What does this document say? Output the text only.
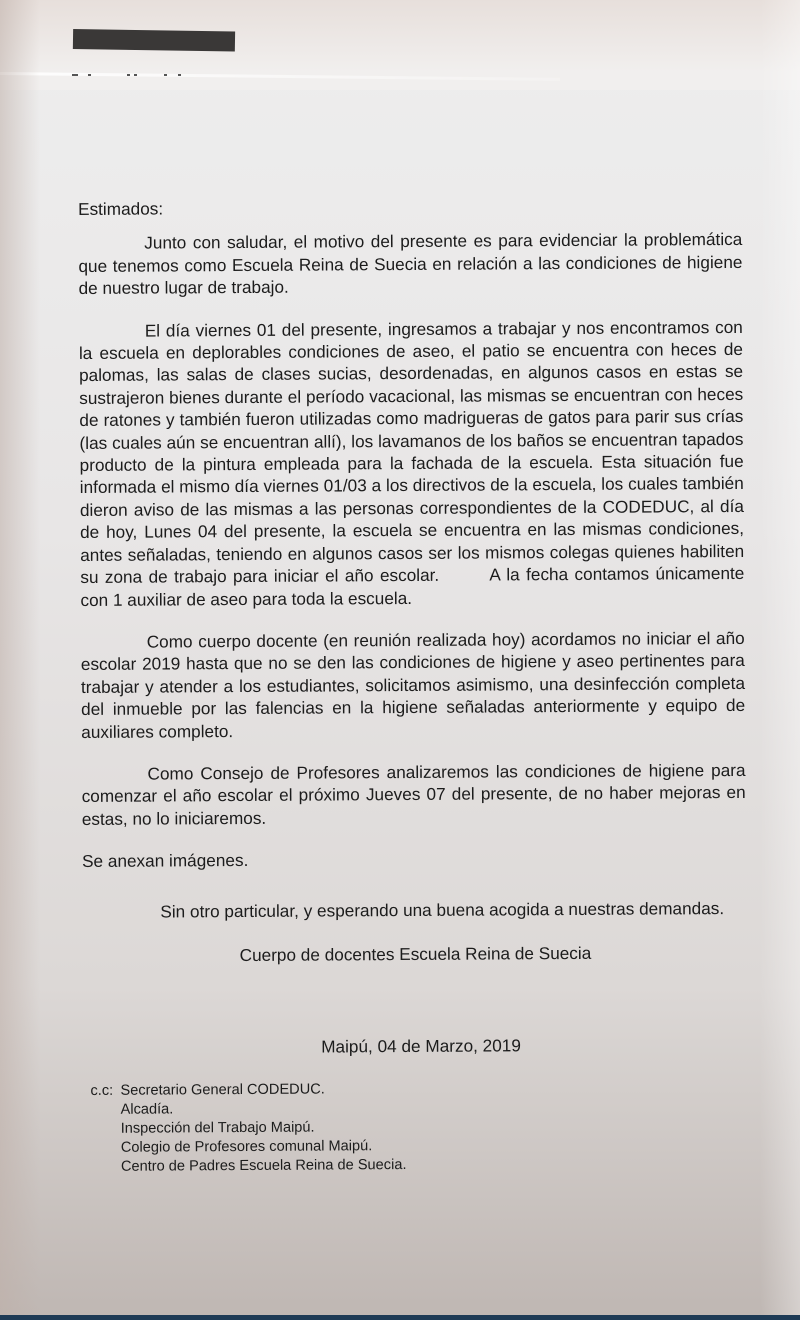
Estimados:

Junto con saludar, el motivo del presente es para evidenciar la problemática que tenemos como Escuela Reina de Suecia en relación a las condiciones de higiene de nuestro lugar de trabajo.

El día viernes 01 del presente, ingresamos a trabajar y nos encontramos con la escuela en deplorables condiciones de aseo, el patio se encuentra con heces de palomas, las salas de clases sucias, desordenadas, en algunos casos en estas se sustrajeron bienes durante el período vacacional, las mismas se encuentran con heces de ratones y también fueron utilizadas como madrigueras de gatos para parir sus crías (las cuales aún se encuentran allí), los lavamanos de los baños se encuentran tapados producto de la pintura empleada para la fachada de la escuela. Esta situación fue informada el mismo día viernes 01/03 a los directivos de la escuela, los cuales también dieron aviso de las mismas a las personas correspondientes de la CODEDUC, al día de hoy, Lunes 04 del presente, la escuela se encuentra en las mismas condiciones, antes señaladas, teniendo en algunos casos ser los mismos colegas quienes habiliten su zona de trabajo para iniciar el año escolar.        A la fecha contamos únicamente con 1 auxiliar de aseo para toda la escuela.

Como cuerpo docente (en reunión realizada hoy) acordamos no iniciar el año escolar 2019 hasta que no se den las condiciones de higiene y aseo pertinentes para trabajar y atender a los estudiantes, solicitamos asimismo, una desinfección completa del inmueble por las falencias en la higiene señaladas anteriormente y equipo de auxiliares completo.

Como Consejo de Profesores analizaremos las condiciones de higiene para comenzar el año escolar el próximo Jueves 07 del presente, de no haber mejoras en estas, no lo iniciaremos.

Se anexan imágenes.

Sin otro particular, y esperando una buena acogida a nuestras demandas.

Cuerpo de docentes Escuela Reina de Suecia

Maipú, 04 de Marzo, 2019

c.c: Secretario General CODEDUC.
Alcadía.
Inspección del Trabajo Maipú.
Colegio de Profesores comunal Maipú.
Centro de Padres Escuela Reina de Suecia.
